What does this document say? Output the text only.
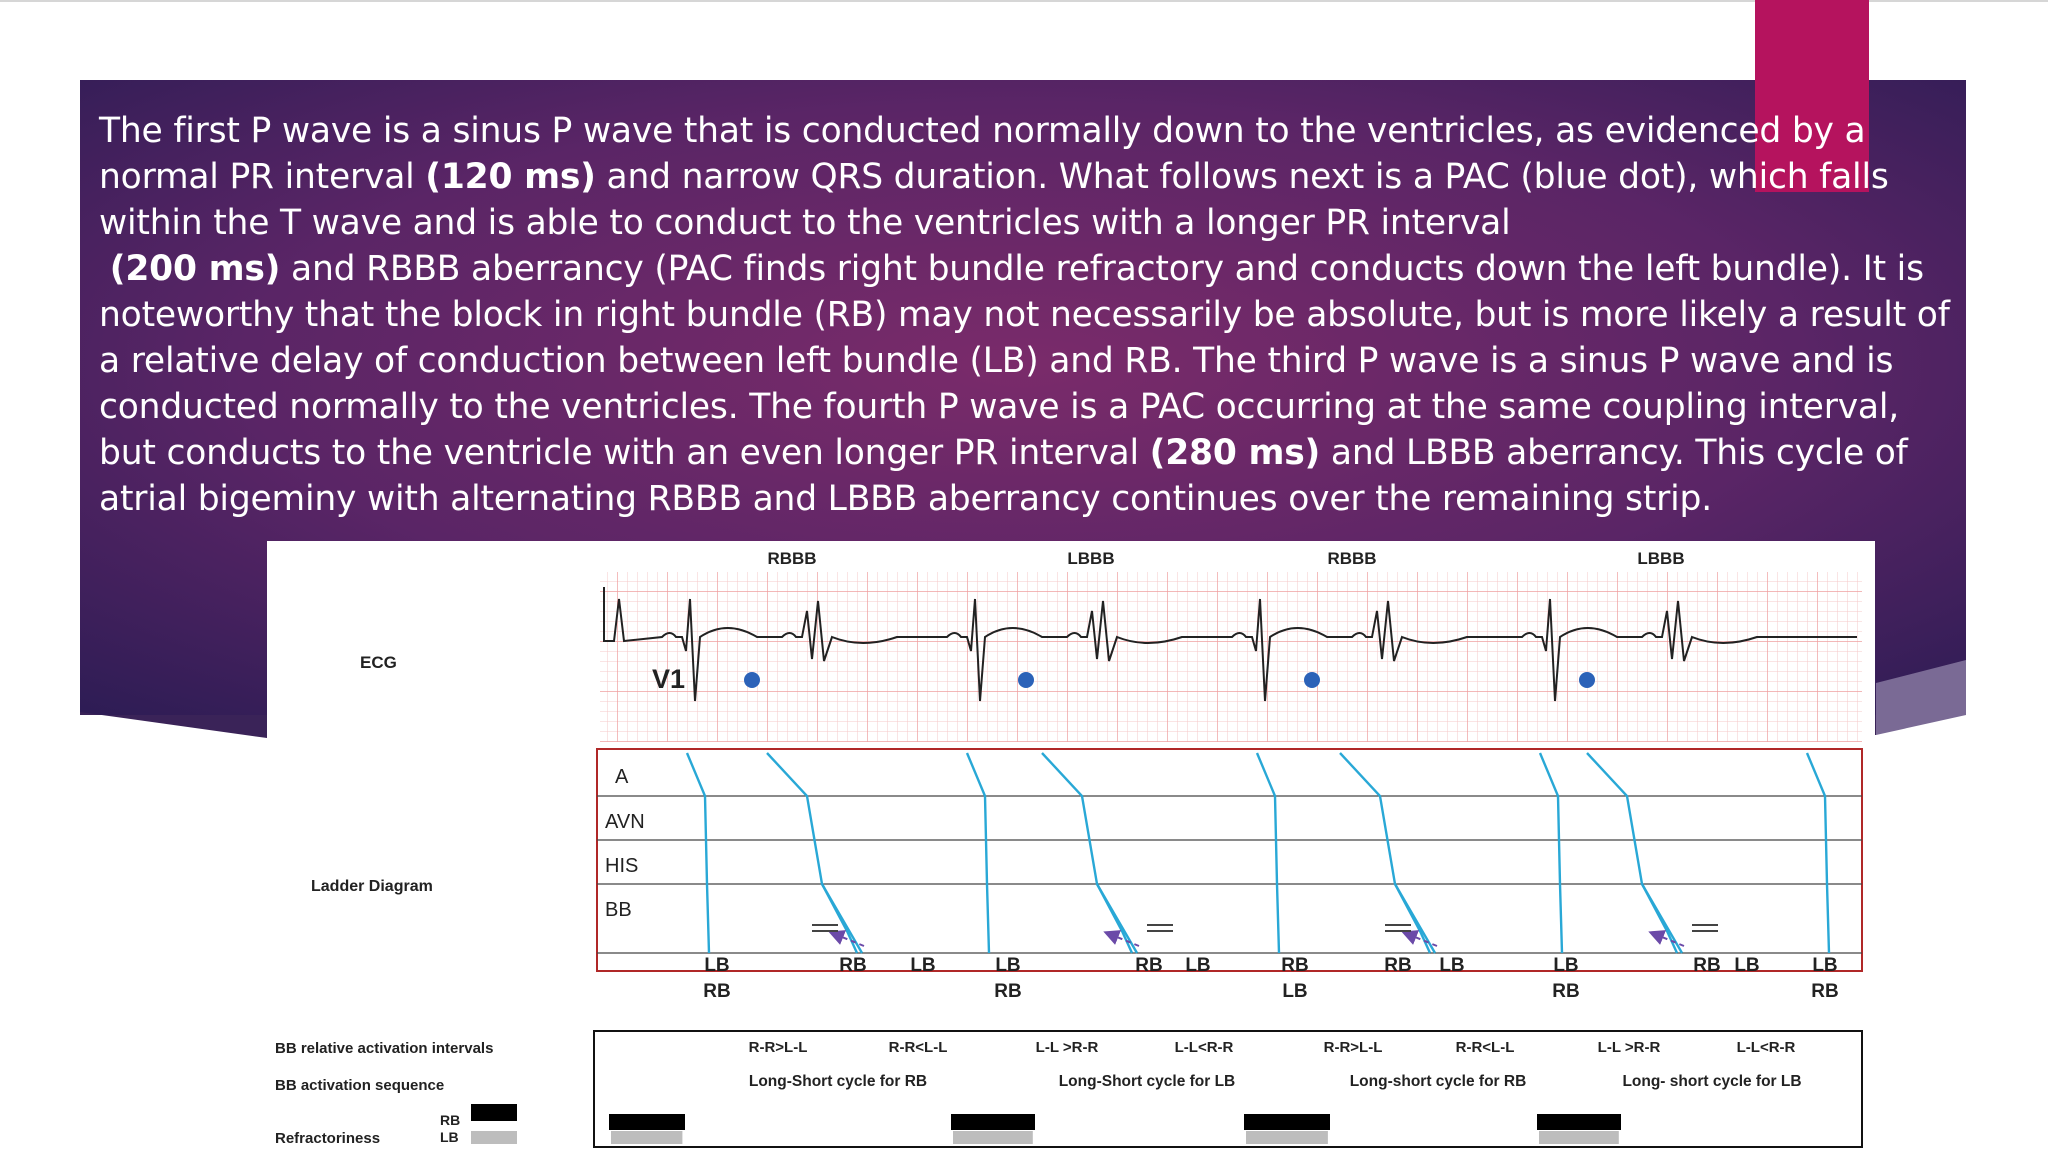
The first P wave is a sinus P wave that is conducted normally down to the ventricles, as evidenced by a normal PR interval (120 ms) and narrow QRS duration. What follows next is a PAC (blue dot), which falls within the T wave and is able to conduct to the ventricles with a longer PR interval
(200 ms) and RBBB aberrancy (PAC finds right bundle refractory and conducts down the left bundle). It is noteworthy that the block in right bundle (RB) may not necessarily be absolute, but is more likely a result of a relative delay of conduction between left bundle (LB) and RB. The third P wave is a sinus P wave and is conducted normally to the ventricles. The fourth P wave is a PAC occurring at the same coupling interval, but conducts to the ventricle with an even longer PR interval (280 ms) and LBBB aberrancy. This cycle of atrial bigeminy with alternating RBBB and LBBB aberrancy continues over the remaining strip.

V1
RBBB	LBBB	RBBB	LBBB
ECG
Ladder Diagram
BB relative activation intervals
BB activation sequence
Refractoriness
RB
LB
A
AVN
HIS
BB
LB
RB
RB LB	LB
RB
RB LB	RB
LB
RB LB	LB
RB
RB LB	LB
RB
R-R>L-L	R-R<L-L	L-L >R-R	L-L<R-R	R-R>L-L	R-R<L-L	L-L >R-R	L-L<R-R
Long-Short cycle for RB	Long-Short cycle for LB	Long-short cycle for RB	Long- short cycle for LB
